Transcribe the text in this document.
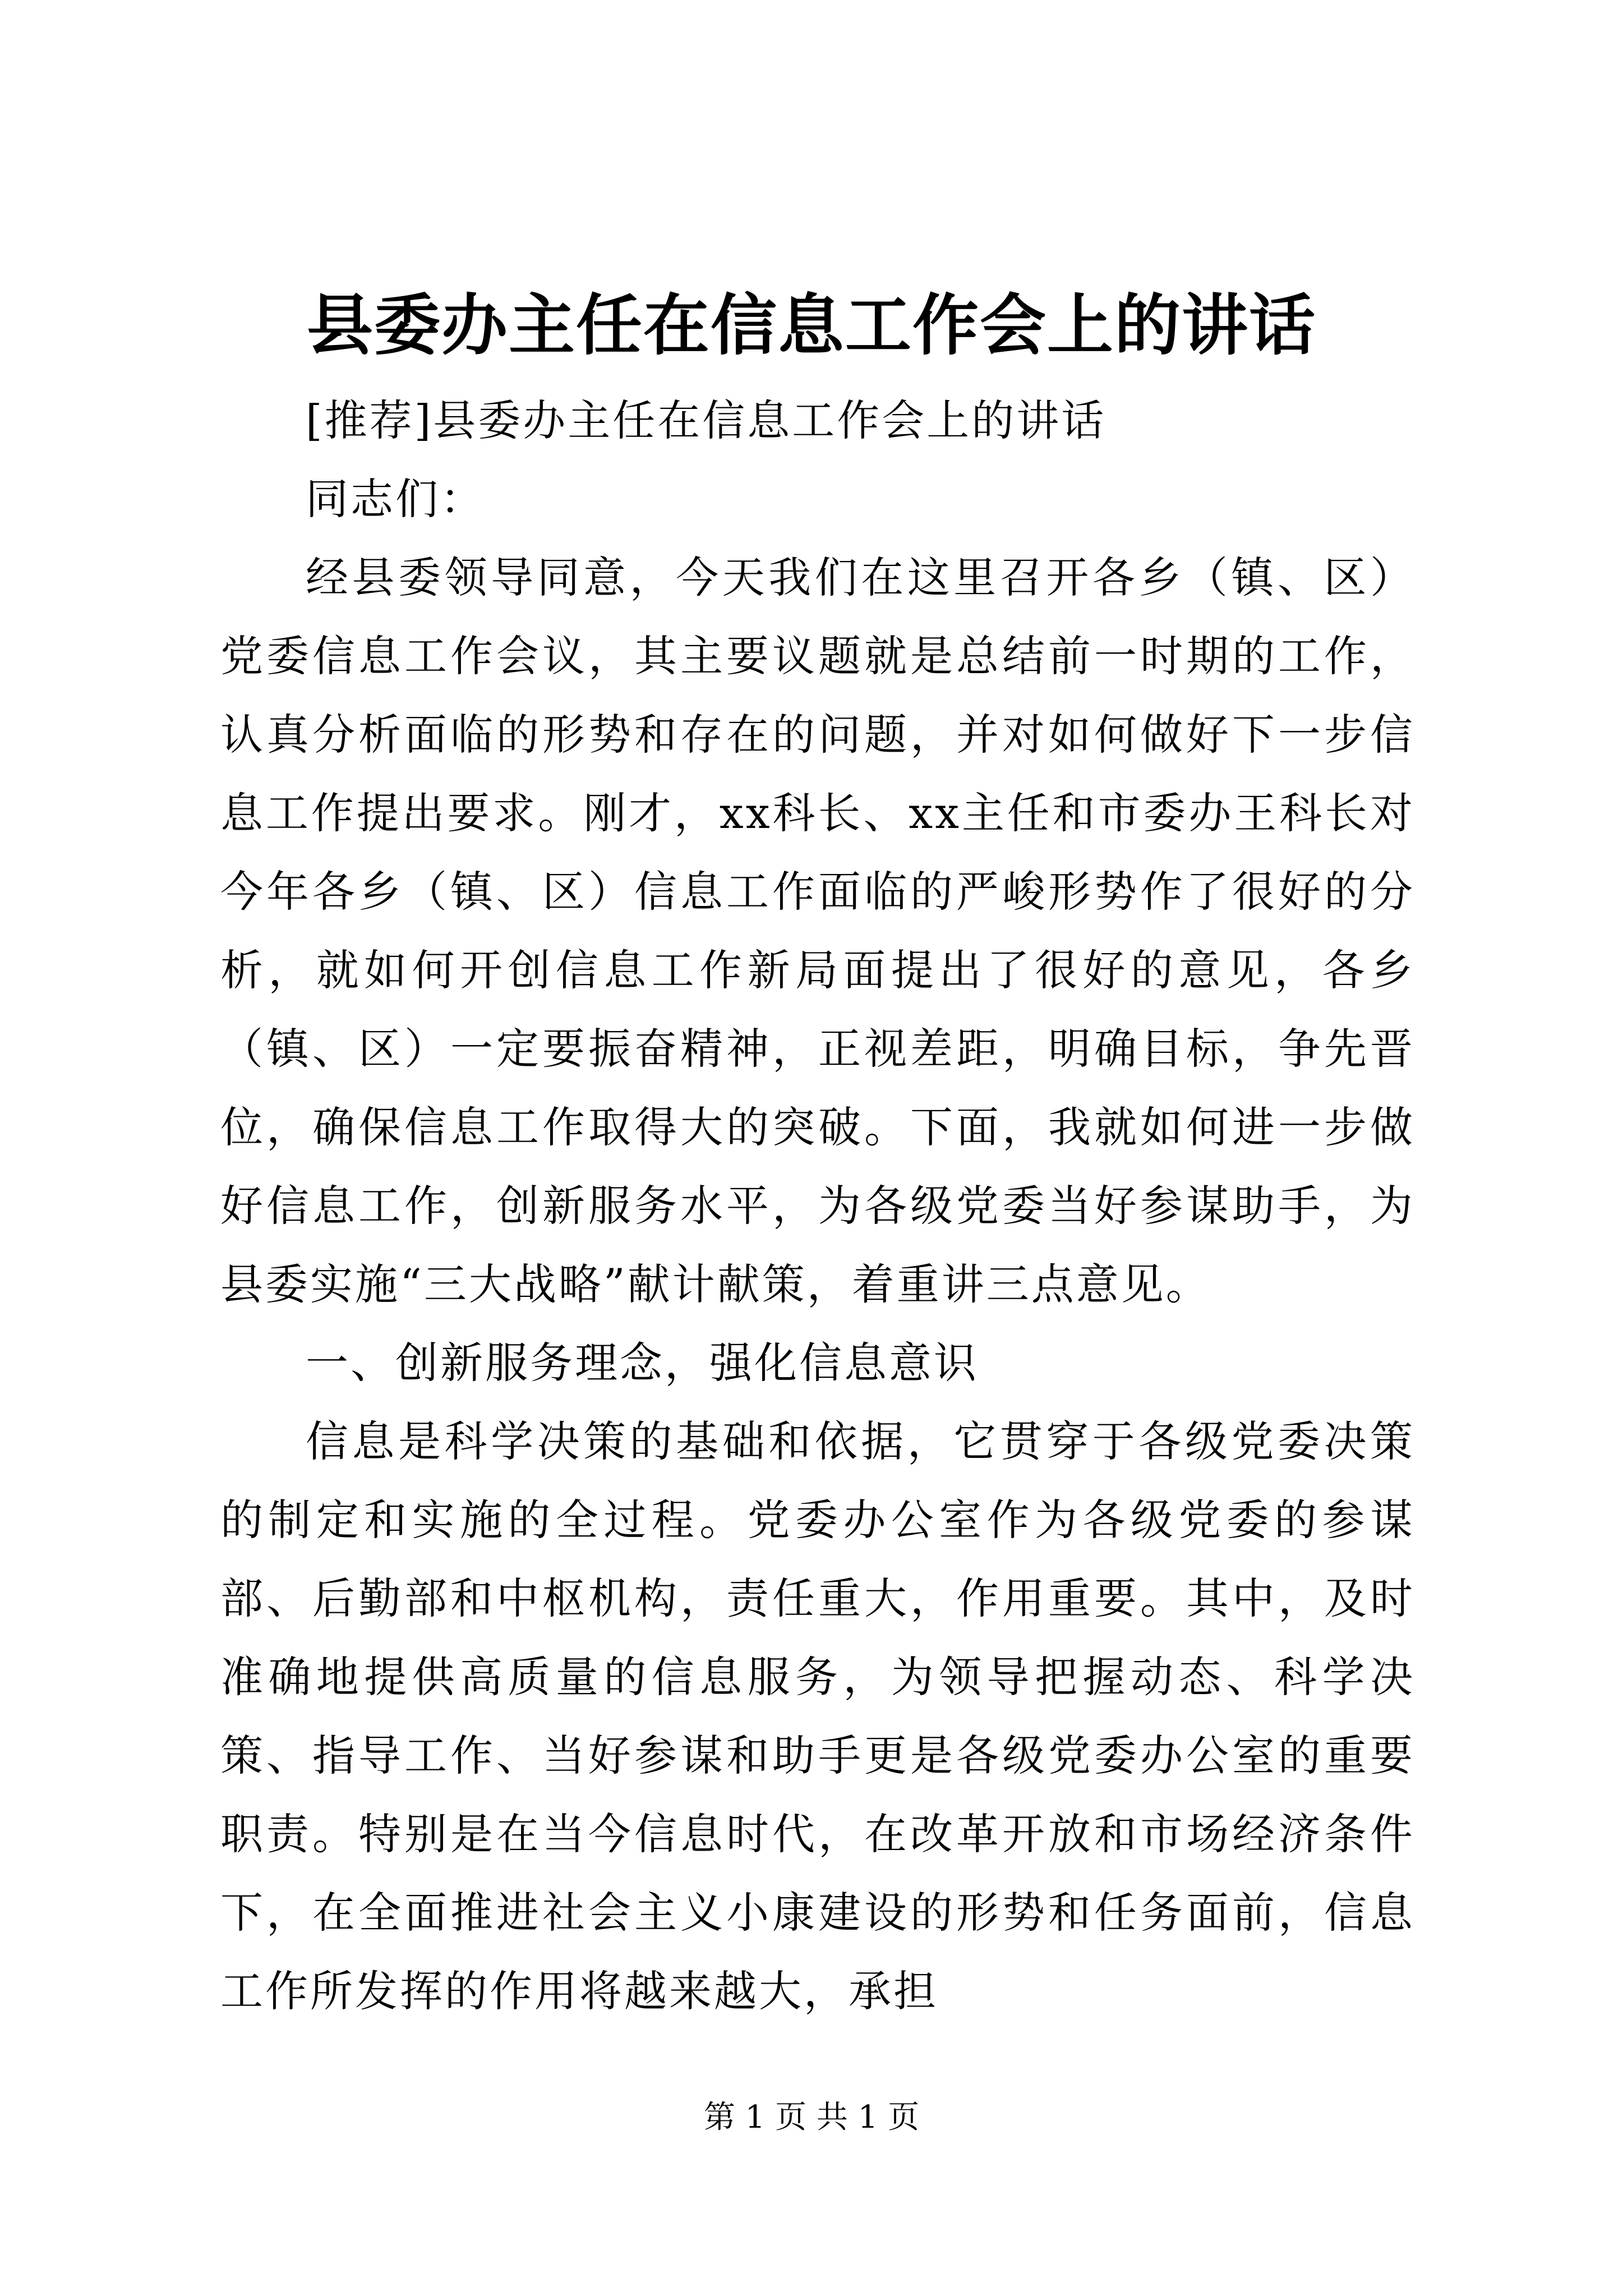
县委办主任在信息工作会上的讲话

[推荐]县委办主任在信息工作会上的讲话

同志们：

经县委领导同意，今天我们在这里召开各乡（镇、区）党委信息工作会议，其主要议题就是总结前一时期的工作，认真分析面临的形势和存在的问题，并对如何做好下一步信息工作提出要求。刚才，xx科长、xx主任和市委办王科长对今年各乡（镇、区）信息工作面临的严峻形势作了很好的分析，就如何开创信息工作新局面提出了很好的意见，各乡（镇、区）一定要振奋精神，正视差距，明确目标，争先晋位，确保信息工作取得大的突破。下面，我就如何进一步做好信息工作，创新服务水平，为各级党委当好参谋助手，为县委实施“三大战略”献计献策，着重讲三点意见。

一、创新服务理念，强化信息意识

信息是科学决策的基础和依据，它贯穿于各级党委决策的制定和实施的全过程。党委办公室作为各级党委的参谋部、后勤部和中枢机构，责任重大，作用重要。其中，及时准确地提供高质量的信息服务，为领导把握动态、科学决策、指导工作、当好参谋和助手更是各级党委办公室的重要职责。特别是在当今信息时代，在改革开放和市场经济条件下，在全面推进社会主义小康建设的形势和任务面前，信息工作所发挥的作用将越来越大，承担

第 1 页 共 1 页
